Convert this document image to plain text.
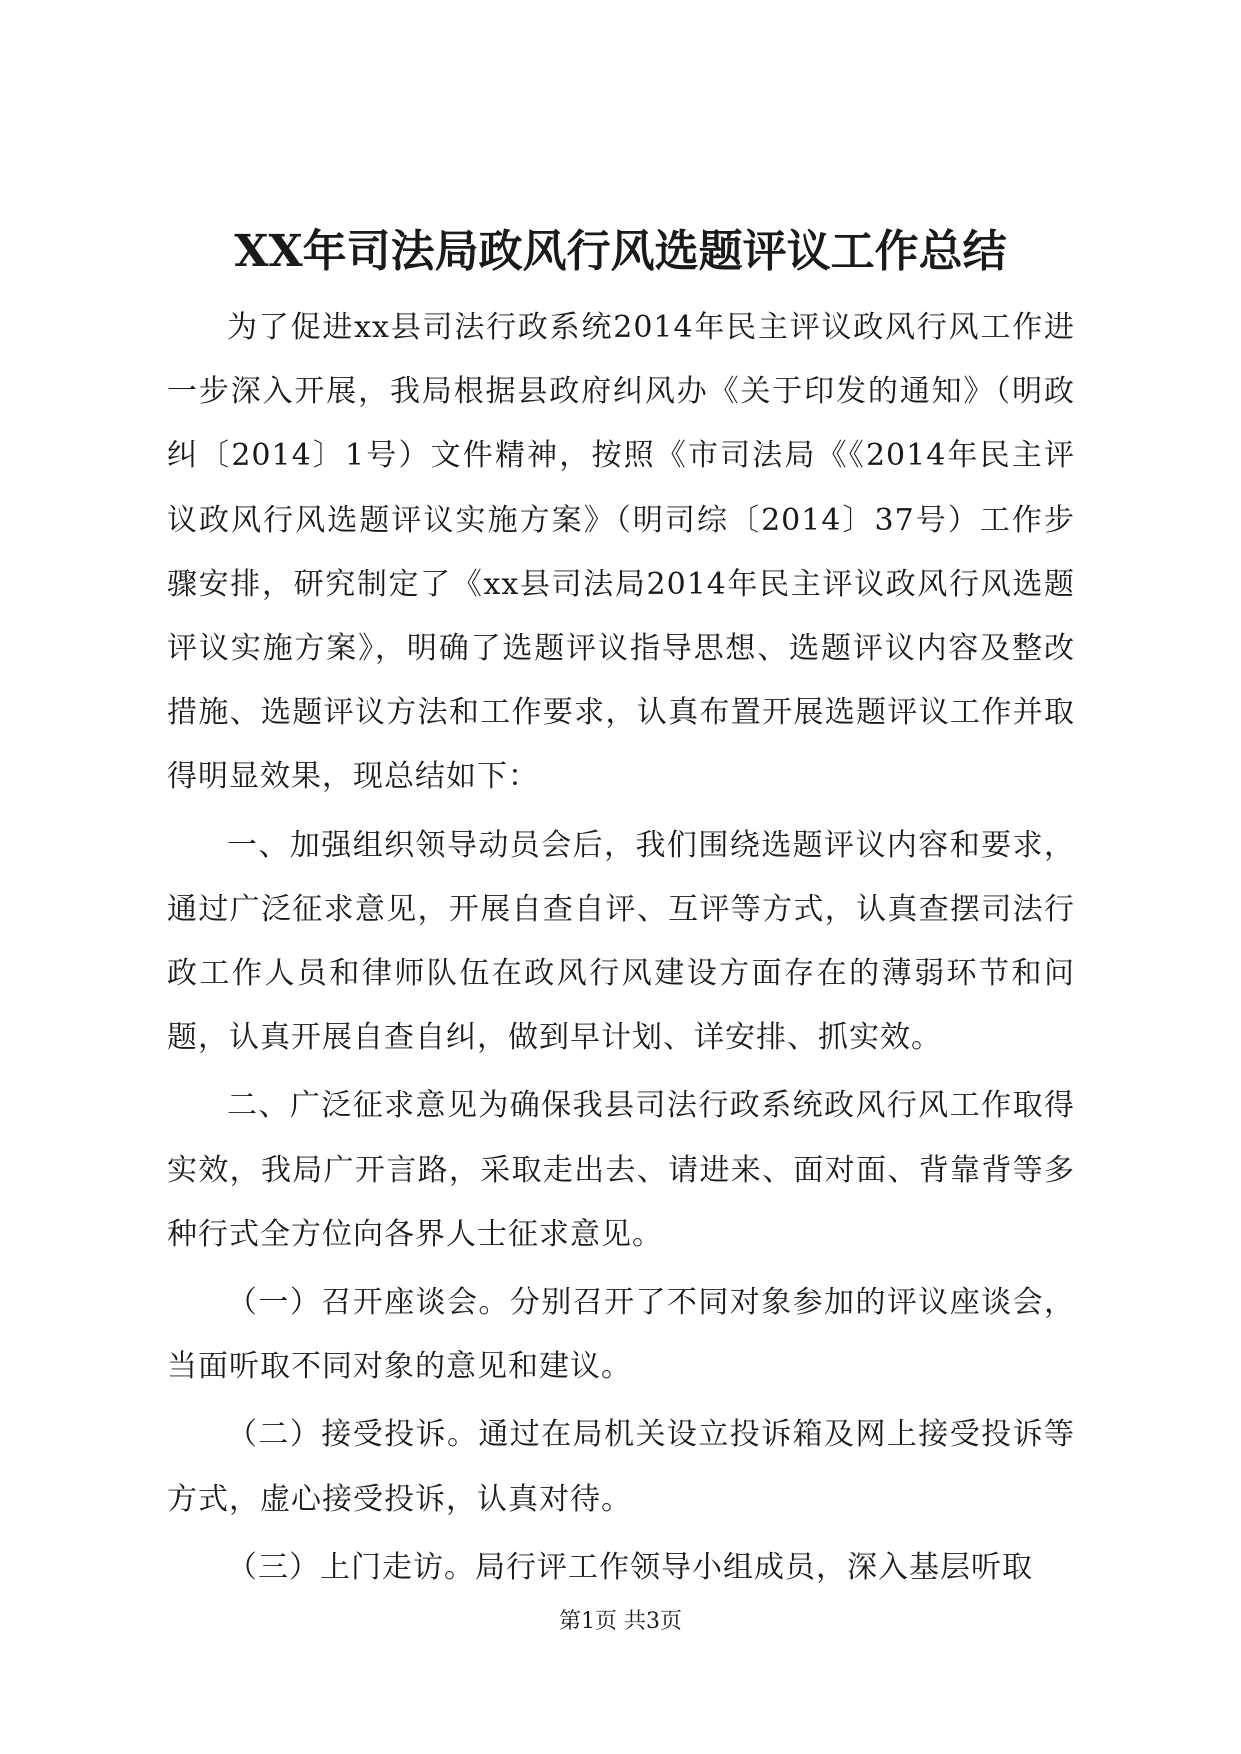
XX年司法局政风行风选题评议工作总结

为了促进xx县司法行政系统2014年民主评议政风行风工作进一步深入开展，我局根据县政府纠风办《关于印发的通知》（明政纠〔2014〕1号）文件精神，按照《市司法局《《2014年民主评议政风行风选题评议实施方案》（明司综〔2014〕37号）工作步骤安排，研究制定了《xx县司法局2014年民主评议政风行风选题评议实施方案》，明确了选题评议指导思想、选题评议内容及整改措施、选题评议方法和工作要求，认真布置开展选题评议工作并取得明显效果，现总结如下：

一、加强组织领导动员会后，我们围绕选题评议内容和要求，通过广泛征求意见，开展自查自评、互评等方式，认真查摆司法行政工作人员和律师队伍在政风行风建设方面存在的薄弱环节和问题，认真开展自查自纠，做到早计划、详安排、抓实效。

二、广泛征求意见为确保我县司法行政系统政风行风工作取得实效，我局广开言路，采取走出去、请进来、面对面、背靠背等多种行式全方位向各界人士征求意见。

（一）召开座谈会。分别召开了不同对象参加的评议座谈会，当面听取不同对象的意见和建议。

（二）接受投诉。通过在局机关设立投诉箱及网上接受投诉等方式，虚心接受投诉，认真对待。

（三）上门走访。局行评工作领导小组成员，深入基层听取

第1页 共3页
